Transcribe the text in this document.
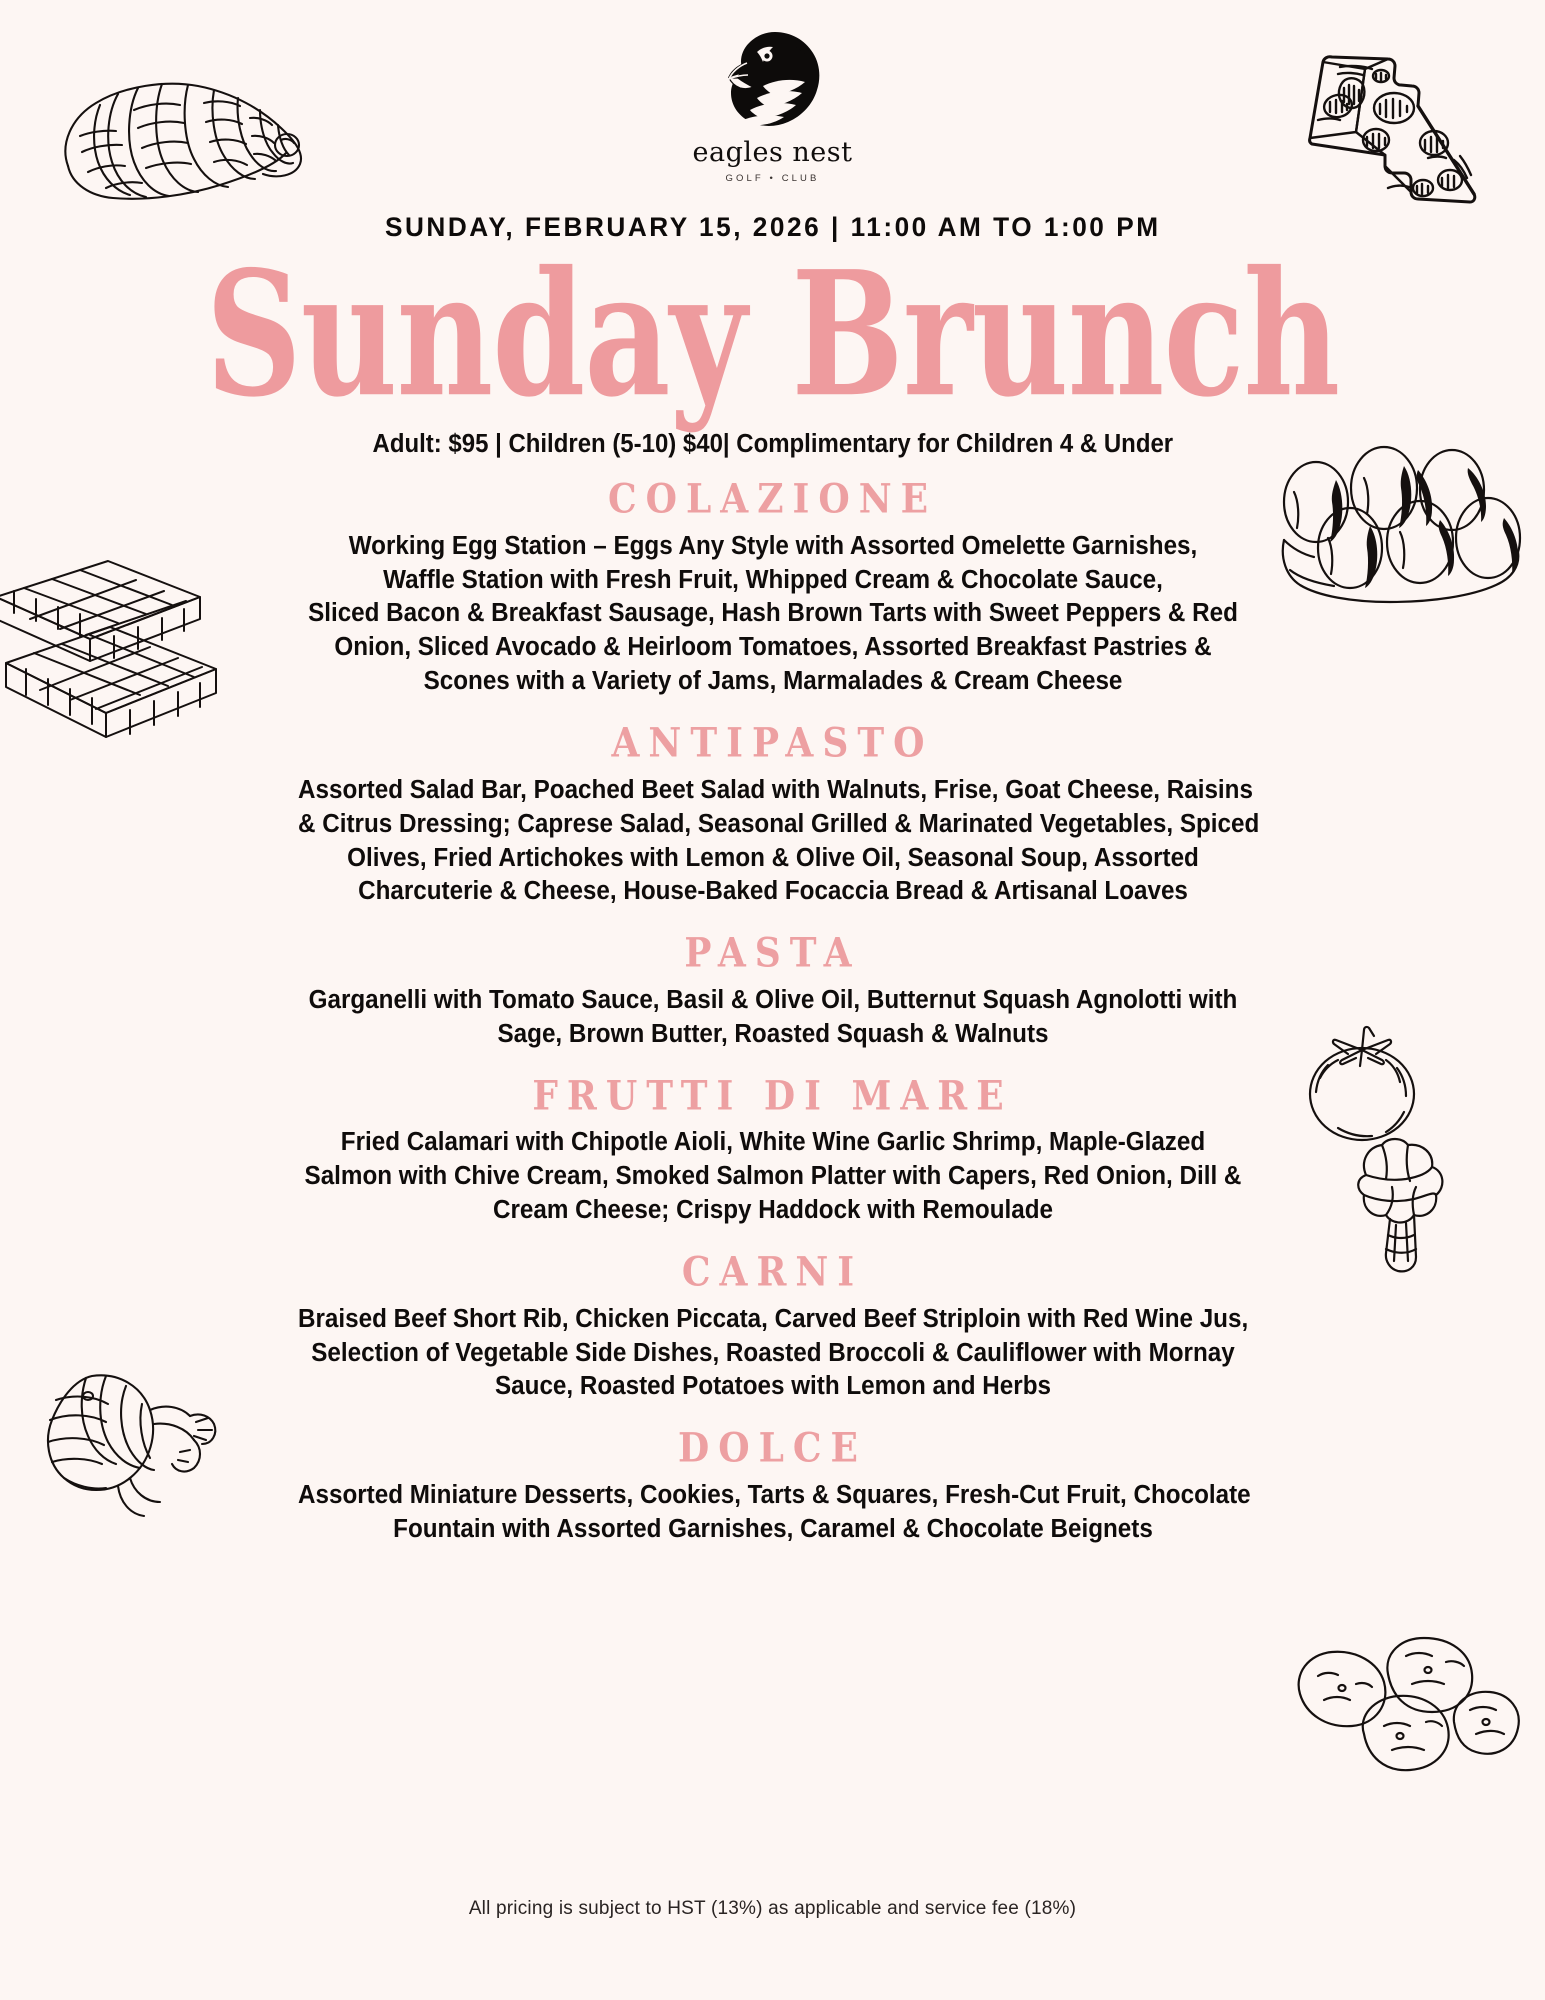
eagles nest
GOLF • CLUB
SUNDAY, FEBRUARY 15, 2026 | 11:00 AM TO 1:00 PM
Sunday Brunch
Adult: $95 | Children (5-10) $40| Complimentary for Children 4 & Under
COLAZIONE
Working Egg Station – Eggs Any Style with Assorted Omelette Garnishes,
Waffle Station with Fresh Fruit, Whipped Cream & Chocolate Sauce,
Sliced Bacon & Breakfast Sausage, Hash Brown Tarts with Sweet Peppers & Red
Onion, Sliced Avocado & Heirloom Tomatoes, Assorted Breakfast Pastries &
Scones with a Variety of Jams, Marmalades & Cream Cheese
ANTIPASTO
Assorted Salad Bar, Poached Beet Salad with Walnuts, Frise, Goat Cheese, Raisins
& Citrus Dressing; Caprese Salad, Seasonal Grilled & Marinated Vegetables, Spiced
Olives, Fried Artichokes with Lemon & Olive Oil, Seasonal Soup, Assorted
Charcuterie & Cheese, House-Baked Focaccia Bread & Artisanal Loaves
PASTA
Garganelli with Tomato Sauce, Basil & Olive Oil, Butternut Squash Agnolotti with
Sage, Brown Butter, Roasted Squash & Walnuts
FRUTTI DI MARE
Fried Calamari with Chipotle Aioli, White Wine Garlic Shrimp, Maple-Glazed
Salmon with Chive Cream, Smoked Salmon Platter with Capers, Red Onion, Dill &
Cream Cheese; Crispy Haddock with Remoulade
CARNI
Braised Beef Short Rib, Chicken Piccata, Carved Beef Striploin with Red Wine Jus,
Selection of Vegetable Side Dishes, Roasted Broccoli & Cauliflower with Mornay
Sauce, Roasted Potatoes with Lemon and Herbs
DOLCE
Assorted Miniature Desserts, Cookies, Tarts & Squares, Fresh-Cut Fruit, Chocolate
Fountain with Assorted Garnishes, Caramel & Chocolate Beignets
All pricing is subject to HST (13%) as applicable and service fee (18%)
